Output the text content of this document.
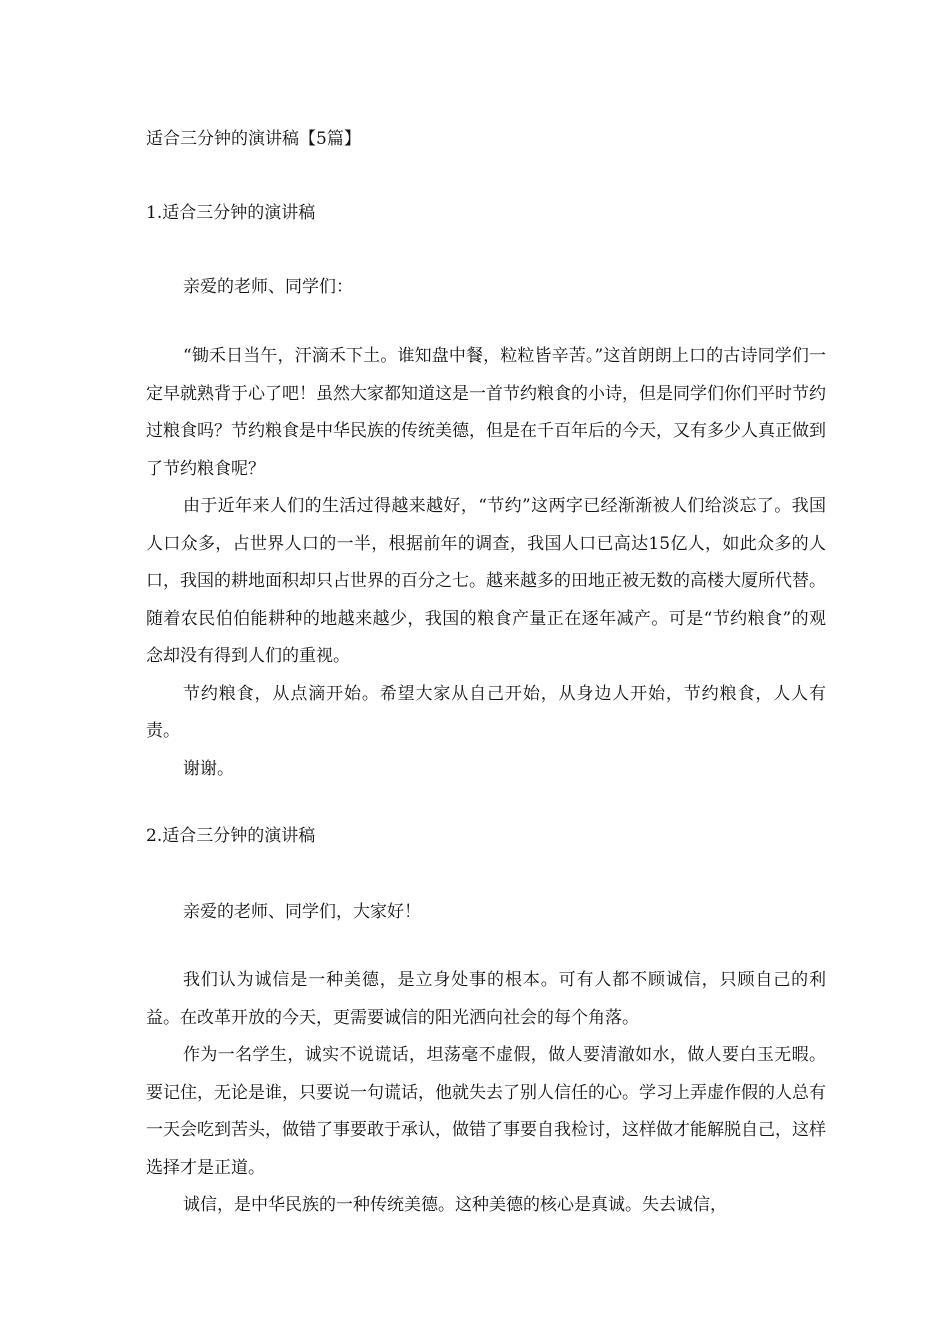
适合三分钟的演讲稿【5篇】
1.适合三分钟的演讲稿
亲爱的老师、同学们：

“锄禾日当午，汗滴禾下土。谁知盘中餐，粒粒皆辛苦。”这首朗朗上口的古诗同学们一定早就熟背于心了吧！虽然大家都知道这是一首节约粮食的小诗，但是同学们你们平时节约过粮食吗？节约粮食是中华民族的传统美德，但是在千百年后的今天，又有多少人真正做到了节约粮食呢？

由于近年来人们的生活过得越来越好，“节约”这两字已经渐渐被人们给淡忘了。我国人口众多，占世界人口的一半，根据前年的调查，我国人口已高达15亿人，如此众多的人口，我国的耕地面积却只占世界的百分之七。越来越多的田地正被无数的高楼大厦所代替。随着农民伯伯能耕种的地越来越少，我国的粮食产量正在逐年减产。可是“节约粮食”的观念却没有得到人们的重视。

节约粮食，从点滴开始。希望大家从自己开始，从身边人开始，节约粮食，人人有责。

谢谢。

2.适合三分钟的演讲稿
亲爱的老师、同学们，大家好！

我们认为诚信是一种美德，是立身处事的根本。可有人都不顾诚信，只顾自己的利益。在改革开放的今天，更需要诚信的阳光洒向社会的每个角落。

作为一名学生，诚实不说谎话，坦荡毫不虚假，做人要清澈如水，做人要白玉无暇。要记住，无论是谁，只要说一句谎话，他就失去了别人信任的心。学习上弄虚作假的人总有一天会吃到苦头，做错了事要敢于承认，做错了事要自我检讨，这样做才能解脱自己，这样选择才是正道。

诚信，是中华民族的一种传统美德。这种美德的核心是真诚。失去诚信，
